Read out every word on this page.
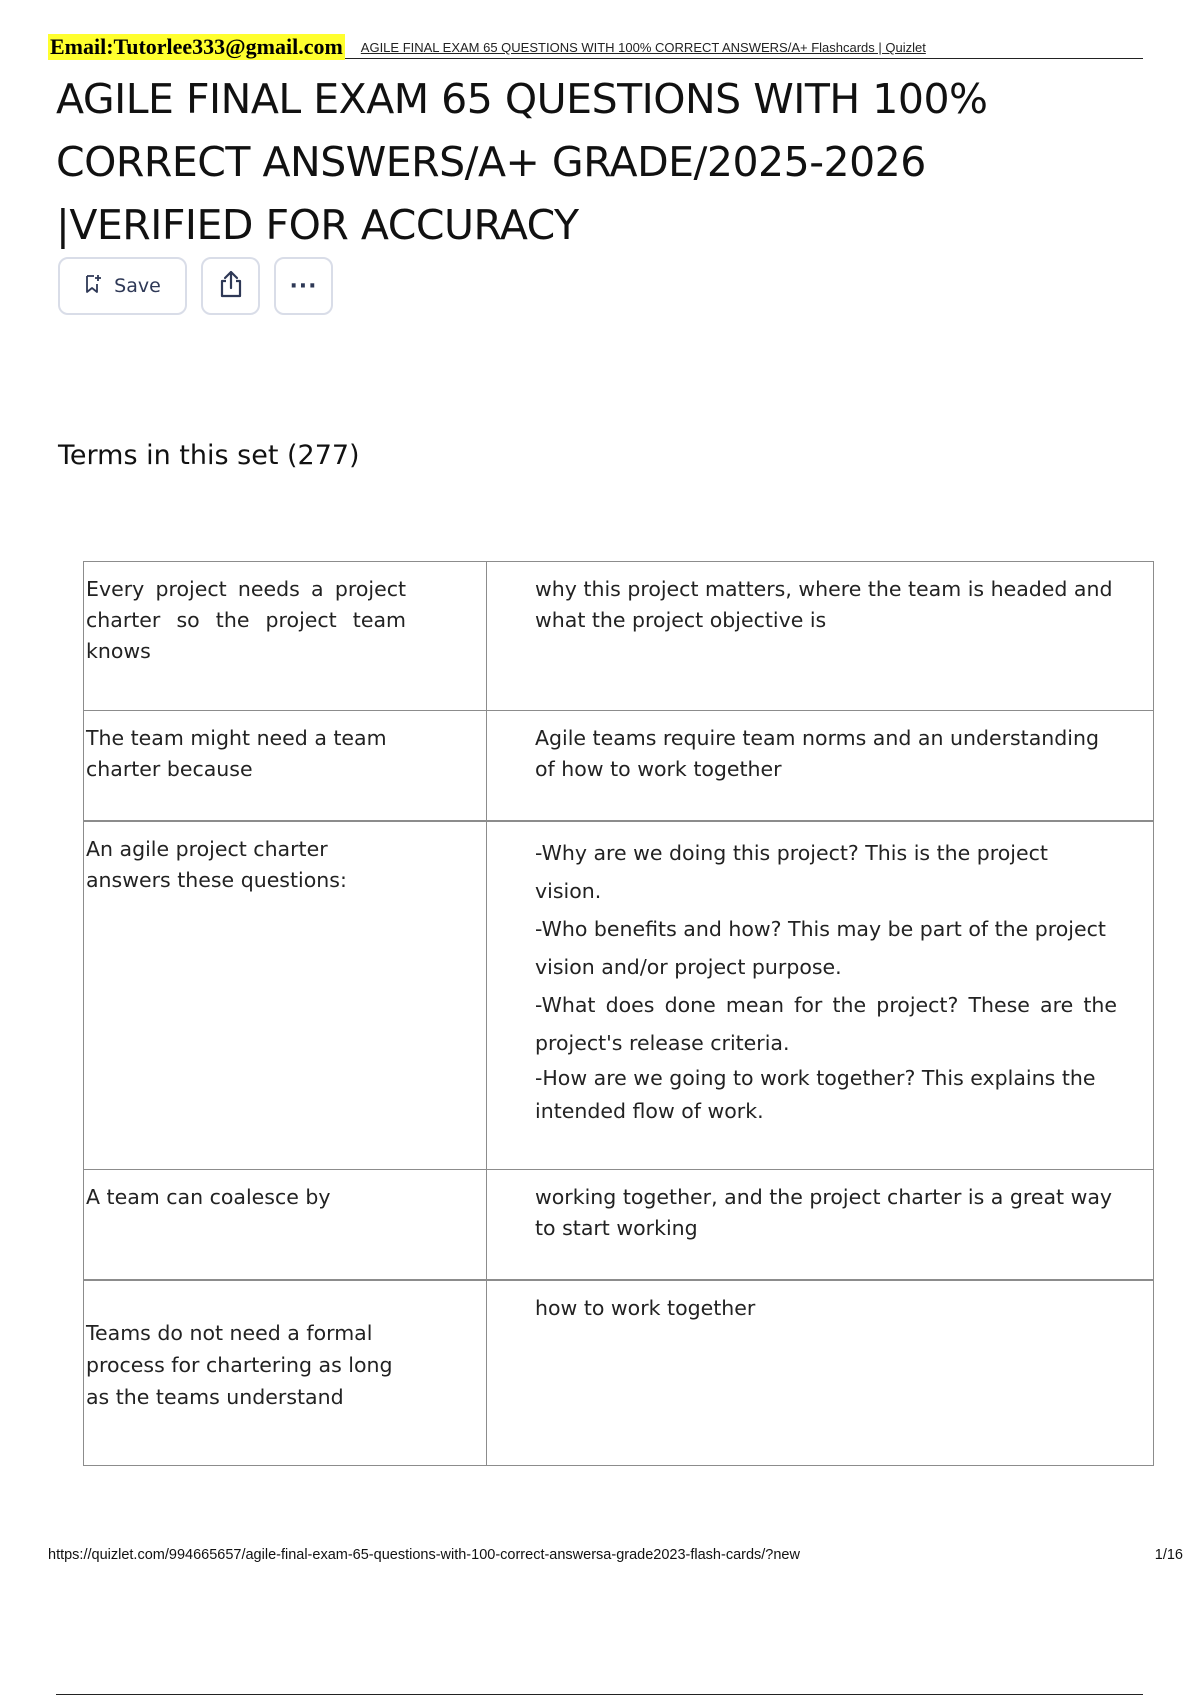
Email:Tutorlee333@gmail.com AGILE FINAL EXAM 65 QUESTIONS WITH 100% CORRECT ANSWERS/A+ Flashcards | Quizlet
AGILE FINAL EXAM 65 QUESTIONS WITH 100% CORRECT ANSWERS/A+ GRADE/2025-2026 |VERIFIED FOR ACCURACY
Save	···
Terms in this set (277)
Every project needs a project charter so the project team knows	why this project matters, where the team is headed and what the project objective is

The team might need a team charter because	Agile teams require team norms and an understanding of how to work together

An agile project charter answers these questions:	-Why are we doing this project? This is the project vision.
-Who benefits and how? This may be part of the project vision and/or project purpose.
-What does done mean for the project? These are the project's release criteria.
-How are we going to work together? This explains the intended flow of work.

A team can coalesce by	working together, and the project charter is a great way to start working

Teams do not need a formal process for chartering as long as the teams understand	how to work together
https://quizlet.com/994665657/agile-final-exam-65-questions-with-100-correct-answersa-grade2023-flash-cards/?new	1/16
